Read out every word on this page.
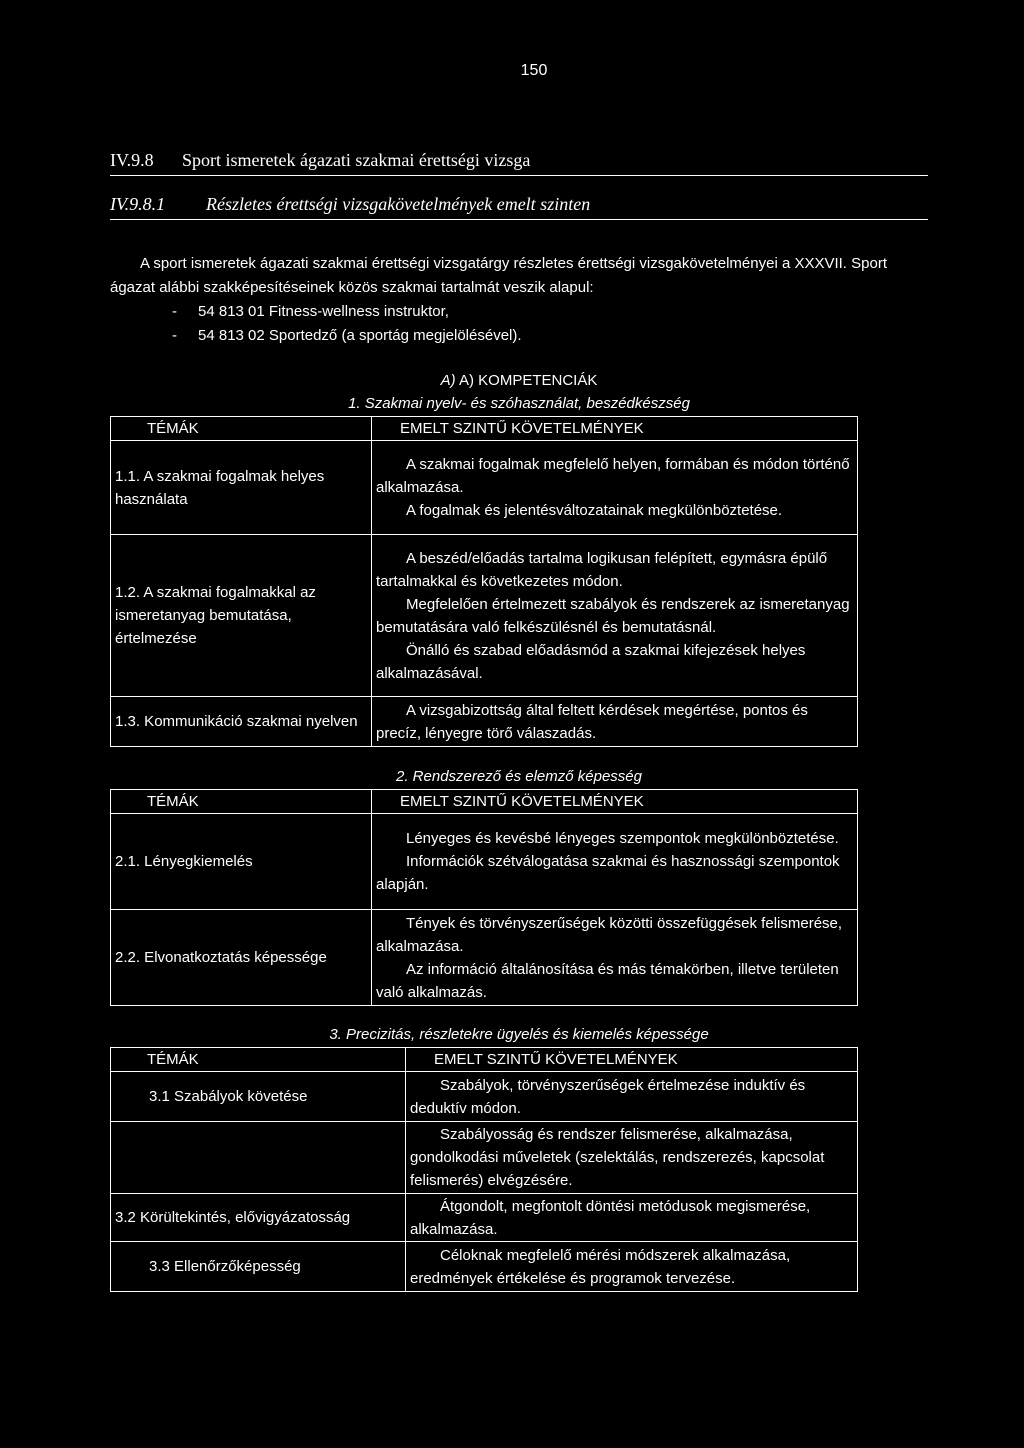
150
IV.9.8 Sport ismeretek ágazati szakmai érettségi vizsga
IV.9.8.1 Részletes érettségi vizsgakövetelmények emelt szinten

A sport ismeretek ágazati szakmai érettségi vizsgatárgy részletes érettségi vizsgakövetelményei a XXXVII. Sport ágazat alábbi szakképesítéseinek közös szakmai tartalmát veszik alapul:

- 54 813 01 Fitness-wellness instruktor,
- 54 813 02 Sportedző (a sportág megjelölésével).
A) A) KOMPETENCIÁK
1. Szakmai nyelv- és szóhasználat, beszédkészség
TÉMÁK	EMELT SZINTŰ KÖVETELMÉNYEK
1.1. A szakmai fogalmak helyes használata	A szakmai fogalmak megfelelő helyen, formában és módon történő alkalmazása.
A fogalmak és jelentésváltozatainak megkülönböztetése.

1.2. A szakmai fogalmakkal az ismeretanyag bemutatása, értelmezése	A beszéd/előadás tartalma logikusan felépített, egymásra épülő tartalmakkal és következetes módon.
Megfelelően értelmezett szabályok és rendszerek az ismeretanyag bemutatására való felkészülésnél és bemutatásnál.
Önálló és szabad előadásmód a szakmai kifejezések helyes alkalmazásával.

1.3. Kommunikáció szakmai nyelven	A vizsgabizottság által feltett kérdések megértése, pontos és precíz, lényegre törő válaszadás.
2. Rendszerező és elemző képesség
TÉMÁK	EMELT SZINTŰ KÖVETELMÉNYEK
2.1. Lényegkiemelés	Lényeges és kevésbé lényeges szempontok megkülönböztetése.
Információk szétválogatása szakmai és hasznossági szempontok alapján.

2.2. Elvonatkoztatás képessége	Tények és törvényszerűségek közötti összefüggések felismerése, alkalmazása.
Az információ általánosítása és más témakörben, illetve területen való alkalmazás.
3. Precizitás, részletekre ügyelés és kiemelés képessége
TÉMÁK	EMELT SZINTŰ KÖVETELMÉNYEK
3.1 Szabályok követése	Szabályok, törvényszerűségek értelmezése induktív és deduktív módon.

	Szabályosság és rendszer felismerése, alkalmazása, gondolkodási műveletek (szelektálás, rendszerezés, kapcsolat felismerés) elvégzésére.

3.2 Körültekintés, elővigyázatosság	Átgondolt, megfontolt döntési metódusok megismerése, alkalmazása.

3.3 Ellenőrzőképesség	Céloknak megfelelő mérési módszerek alkalmazása, eredmények értékelése és programok tervezése.
